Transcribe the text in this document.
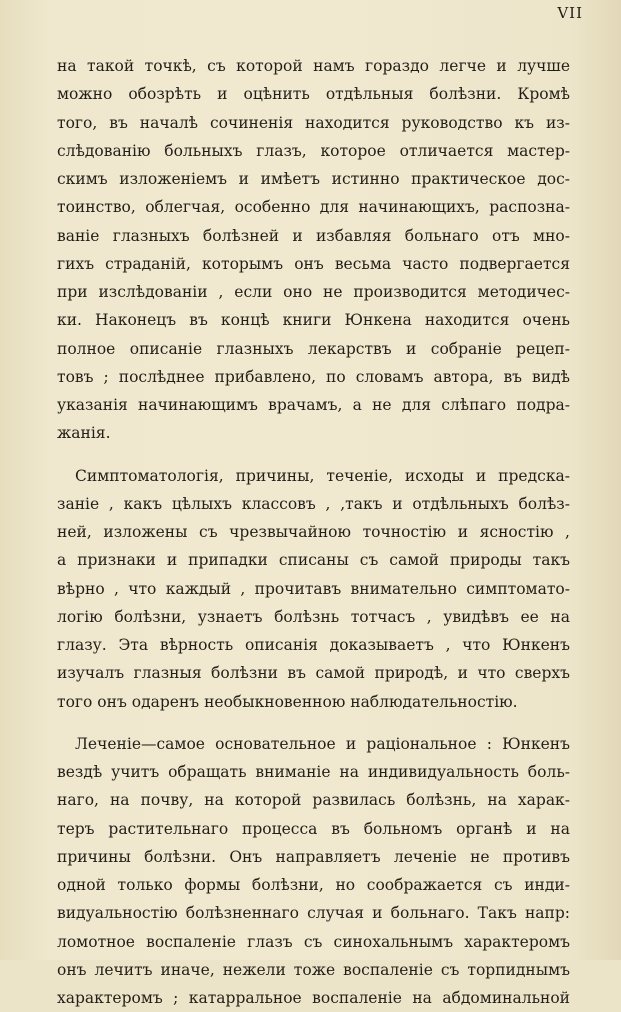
VII
на такой точкѣ, съ которой намъ гораздо легче и лучше
можно обозрѣть и оцѣнить отдѣльныя болѣзни. Кромѣ
того, въ началѣ сочиненія находится руководство къ из-
слѣдованію больныхъ глазъ, которое отличается мастер-
скимъ изложеніемъ и имѣетъ истинно практическое дос-
тоинство, облегчая, особенно для начинающихъ, распозна-
ваніе глазныхъ болѣзней и избавляя больнаго отъ мно-
гихъ страданій, которымъ онъ весьма часто подвергается
при изслѣдованіи , если оно не производится методичес-
ки. Наконецъ въ концѣ книги Юнкена находится очень
полное описаніе глазныхъ лекарствъ и собраніе рецеп-
товъ ; послѣднее прибавлено, по словамъ автора, въ видѣ
указанія начинающимъ врачамъ, а не для слѣпаго подра-
жанія.
Симптоматологія, причины, теченіе, исходы и предска-
заніе , какъ цѣлыхъ классовъ , ,такъ и отдѣльныхъ болѣз-
ней, изложены съ чрезвычайною точностію и ясностію ,
а признаки и припадки списаны съ самой природы такъ
вѣрно , что каждый , прочитавъ внимательно симптомато-
логію болѣзни, узнаетъ болѣзнь тотчасъ , увидѣвъ ее на
глазу. Эта вѣрность описанія доказываетъ , что Юнкенъ
изучалъ глазныя болѣзни въ самой природѣ, и что сверхъ
того онъ одаренъ необыкновенною наблюдательностію.
Леченіе—самое основательное и раціональное : Юнкенъ
вездѣ учитъ обращать вниманіе на индивидуальность боль-
наго, на почву, на которой развилась болѣзнь, на харак-
теръ растительнаго процесса въ больномъ органѣ и на
причины болѣзни. Онъ направляетъ леченіе не противъ
одной только формы болѣзни, но соображается съ инди-
видуальностію болѣзненнаго случая и больнаго. Такъ напр:
ломотное воспаленіе глазъ съ синохальнымъ характеромъ
онъ лечитъ иначе, нежели тоже воспаленіе съ торпиднымъ
характеромъ ; катарральное воспаленіе на абдоминальной
